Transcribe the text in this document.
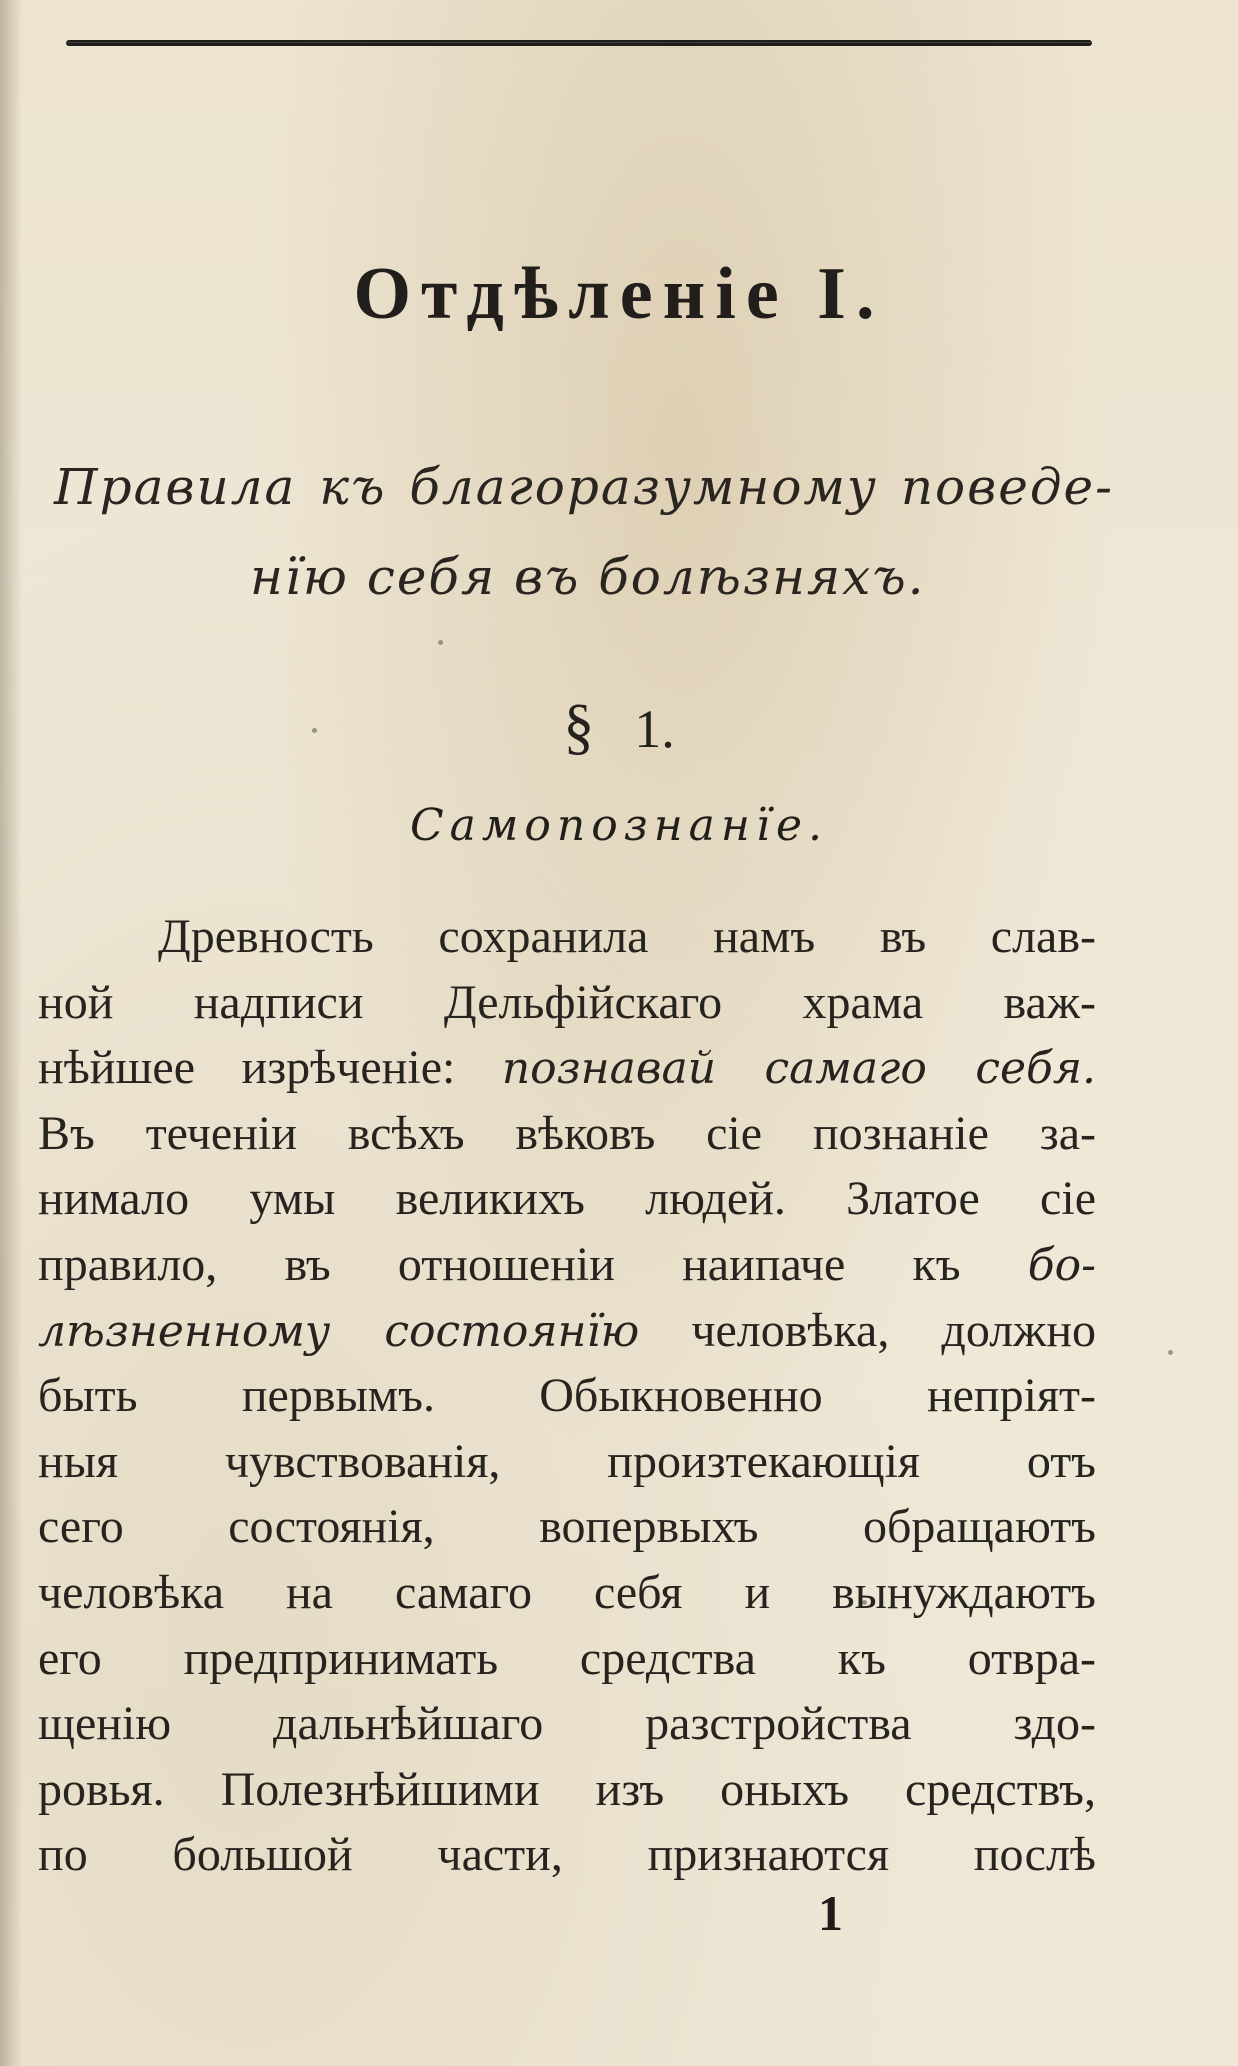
Отдѣленіе I.
Правила къ благоразумному поведе-
нїю себя въ болѣзняхъ.
§ 1.
Самопознанїе.
Древность сохранила намъ въ слав-
ной надписи Дельфійскаго храма важ-
нѣйшее изрѣченіе: познавай самаго себя.
Въ теченіи всѣхъ вѣковъ сіе познаніе за-
нимало умы великихъ людей. Златое сіе
правило, въ отношеніи наипаче къ бо-
лѣзненному состоянїю человѣка, должно
быть первымъ. Обыкновенно непріят-
ныя чувствованія, произтекающія отъ
сего состоянія, вопервыхъ обращаютъ
человѣка на самаго себя и вынуждаютъ
его предпринимать средства къ отвра-
щенію дальнѣйшаго разстройства здо-
ровья. Полезнѣйшими изъ оныхъ средствъ,
по большой части, признаются послѣ
1
